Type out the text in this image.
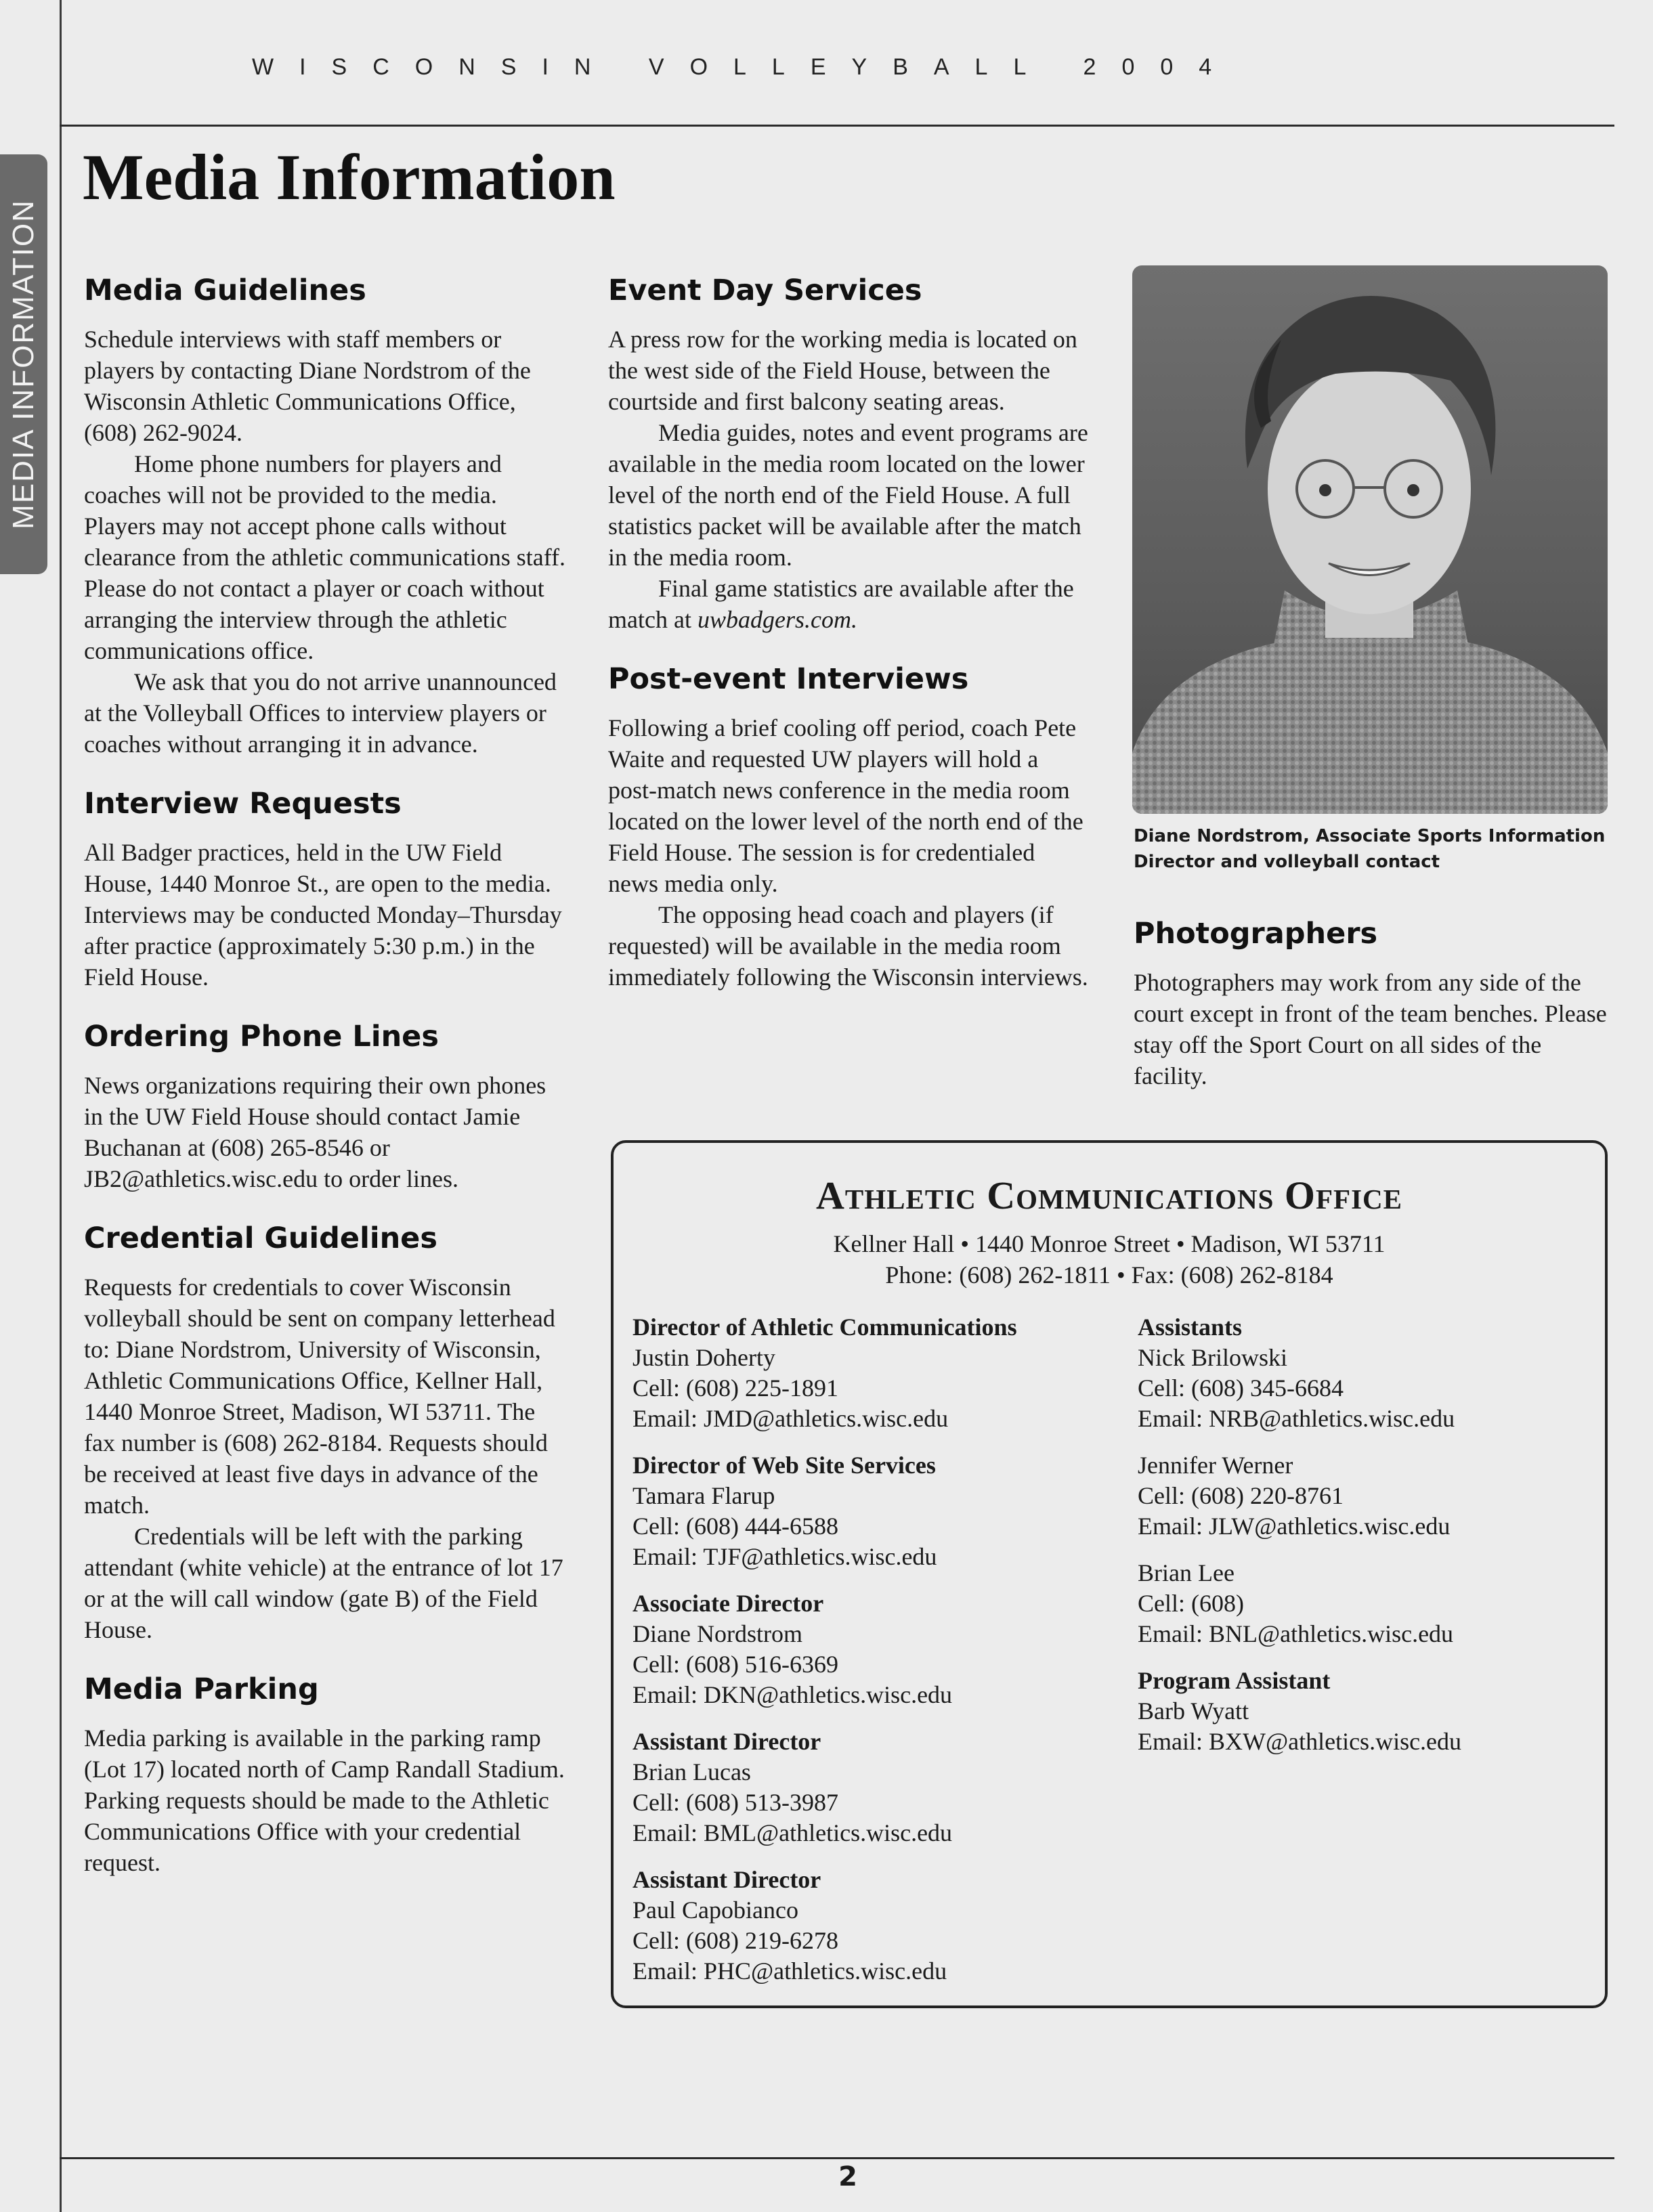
WISCONSIN VOLLEYBALL 2004
MEDIA INFORMATION
Media Information
Media Guidelines

Schedule interviews with staff members or players by contacting Diane Nordstrom of the Wisconsin Athletic Communications Office, (608) 262-9024.

Home phone numbers for players and coaches will not be provided to the media. Players may not accept phone calls without clearance from the athletic communications staff. Please do not contact a player or coach without arranging the interview through the athletic communications office.

We ask that you do not arrive unannounced at the Volleyball Offices to interview players or coaches without arranging it in advance.

Interview Requests

All Badger practices, held in the UW Field House, 1440 Monroe St., are open to the media. Interviews may be conducted Monday–Thursday after practice (approximately 5:30 p.m.) in the Field House.

Ordering Phone Lines

News organizations requiring their own phones in the UW Field House should contact Jamie Buchanan at (608) 265-8546 or JB2@athletics.wisc.edu to order lines.

Credential Guidelines

Requests for credentials to cover Wisconsin volleyball should be sent on company letterhead to: Diane Nordstrom, University of Wisconsin, Athletic Communications Office, Kellner Hall, 1440 Monroe Street, Madison, WI 53711. The fax number is (608) 262-8184. Requests should be received at least five days in advance of the match.

Credentials will be left with the parking attendant (white vehicle) at the entrance of lot 17 or at the will call window (gate B) of the Field House.

Media Parking

Media parking is available in the parking ramp (Lot 17) located north of Camp Randall Stadium. Parking requests should be made to the Athletic Communications Office with your credential request.

Event Day Services

A press row for the working media is located on the west side of the Field House, between the courtside and first balcony seating areas.

Media guides, notes and event programs are available in the media room located on the lower level of the north end of the Field House. A full statistics packet will be available after the match in the media room.

Final game statistics are available after the match at uwbadgers.com.

Post-event Interviews

Following a brief cooling off period, coach Pete Waite and requested UW players will hold a post-match news conference in the media room located on the lower level of the north end of the Field House. The session is for credentialed news media only.

The opposing head coach and players (if requested) will be available in the media room immediately following the Wisconsin interviews.

Diane Nordstrom, Associate Sports Information Director and volleyball contact
Photographers

Photographers may work from any side of the court except in front of the team benches. Please stay off the Sport Court on all sides of the facility.

Athletic Communications Office
Kellner Hall • 1440 Monroe Street • Madison, WI 53711
Phone: (608) 262-1811 • Fax: (608) 262-8184
Director of Athletic Communications
Justin Doherty
Cell: (608) 225-1891
Email: JMD@athletics.wisc.edu
Director of Web Site Services
Tamara Flarup
Cell: (608) 444-6588
Email: TJF@athletics.wisc.edu
Associate Director
Diane Nordstrom
Cell: (608) 516-6369
Email: DKN@athletics.wisc.edu
Assistant Director
Brian Lucas
Cell: (608) 513-3987
Email: BML@athletics.wisc.edu
Assistant Director
Paul Capobianco
Cell: (608) 219-6278
Email: PHC@athletics.wisc.edu
Assistants
Nick Brilowski
Cell: (608) 345-6684
Email: NRB@athletics.wisc.edu
Jennifer Werner
Cell: (608) 220-8761
Email: JLW@athletics.wisc.edu
Brian Lee
Cell: (608)
Email: BNL@athletics.wisc.edu
Program Assistant
Barb Wyatt
Email: BXW@athletics.wisc.edu
2
